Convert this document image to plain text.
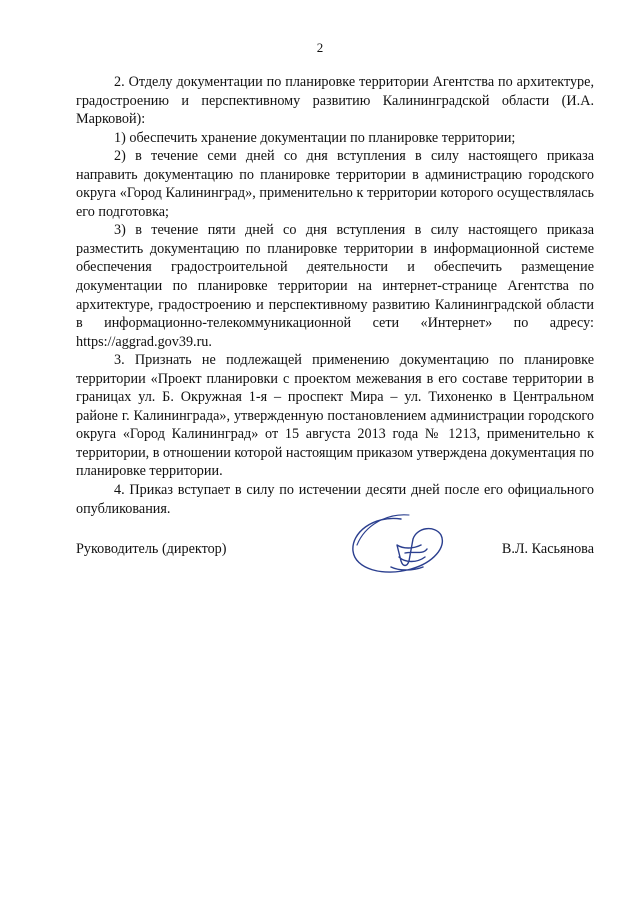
2

2. Отделу документации по планировке территории Агентства по архитектуре, градостроению и перспективному развитию Калининградской области (И.А. Марковой):

1) обеспечить хранение документации по планировке территории;

2) в течение семи дней со дня вступления в силу настоящего приказа направить документацию по планировке территории в администрацию городского округа «Город Калининград», применительно к территории которого осуществлялась его подготовка;

3) в течение пяти дней со дня вступления в силу настоящего приказа разместить документацию по планировке территории в информационной системе обеспечения градостроительной деятельности и обеспечить размещение документации по планировке территории на интернет-странице Агентства по архитектуре, градостроению и перспективному развитию Калининградской области в информационно-телекоммуникационной сети «Интернет» по адресу: https://aggrad.gov39.ru.

3. Признать не подлежащей применению документацию по планировке территории «Проект планировки с проектом межевания в его составе территории в границах ул. Б. Окружная 1-я – проспект Мира – ул. Тихоненко в Центральном районе г. Калининграда», утвержденную постановлением администрации городского округа «Город Калининград» от 15 августа 2013 года № 1213, применительно к территории, в отношении которой настоящим приказом утверждена документация по планировке территории.

4. Приказ вступает в силу по истечении десяти дней после его официального опубликования.

Руководитель (директор)	В.Л. Касьянова
